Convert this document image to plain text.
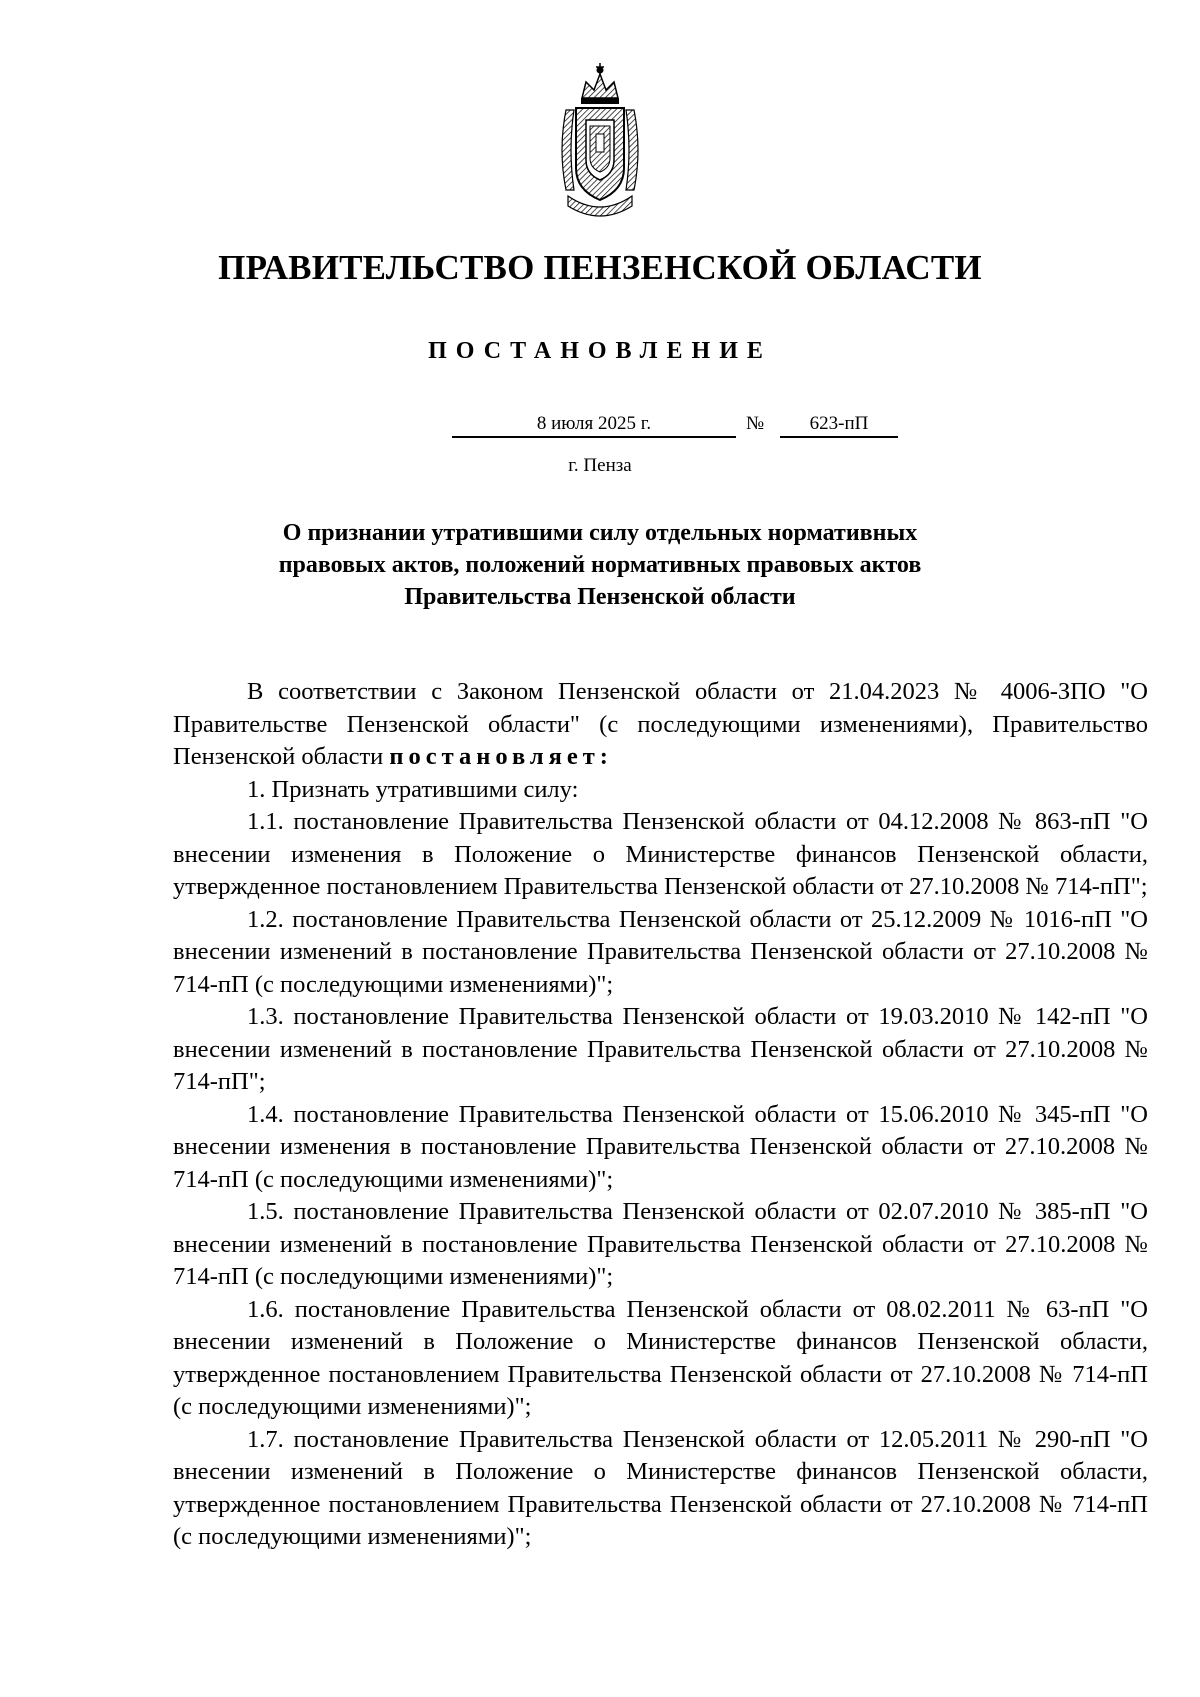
ПРАВИТЕЛЬСТВО ПЕНЗЕНСКОЙ ОБЛАСТИ
ПОСТАНОВЛЕНИЕ
8 июля 2025 г.	№	623-пП
г. Пенза
О признании утратившими силу отдельных нормативных
правовых актов, положений нормативных правовых актов
Правительства Пензенской области

В соответствии с Законом Пензенской области от 21.04.2023 № 4006-ЗПО "О Правительстве Пензенской области" (с последующими изменениями), Правительство Пензенской области постановляет:

1. Признать утратившими силу:

1.1. постановление Правительства Пензенской области от 04.12.2008 № 863-пП "О внесении изменения в Положение о Министерстве финансов Пензенской области, утвержденное постановлением Правительства Пензенской области от 27.10.2008 № 714-пП";

1.2. постановление Правительства Пензенской области от 25.12.2009 № 1016-пП "О внесении изменений в постановление Правительства Пензенской области от 27.10.2008 № 714-пП (с последующими изменениями)";

1.3. постановление Правительства Пензенской области от 19.03.2010 № 142-пП "О внесении изменений в постановление Правительства Пензенской области от 27.10.2008 № 714-пП";

1.4. постановление Правительства Пензенской области от 15.06.2010 № 345-пП "О внесении изменения в постановление Правительства Пензенской области от 27.10.2008 № 714-пП (с последующими изменениями)";

1.5. постановление Правительства Пензенской области от 02.07.2010 № 385-пП "О внесении изменений в постановление Правительства Пензенской области от 27.10.2008 № 714-пП (с последующими изменениями)";

1.6. постановление Правительства Пензенской области от 08.02.2011 № 63-пП "О внесении изменений в Положение о Министерстве финансов Пензенской области, утвержденное постановлением Правительства Пензенской области от 27.10.2008 № 714-пП (с последующими изменениями)";

1.7. постановление Правительства Пензенской области от 12.05.2011 № 290-пП "О внесении изменений в Положение о Министерстве финансов Пензенской области, утвержденное постановлением Правительства Пензенской области от 27.10.2008 № 714-пП (с последующими изменениями)";
